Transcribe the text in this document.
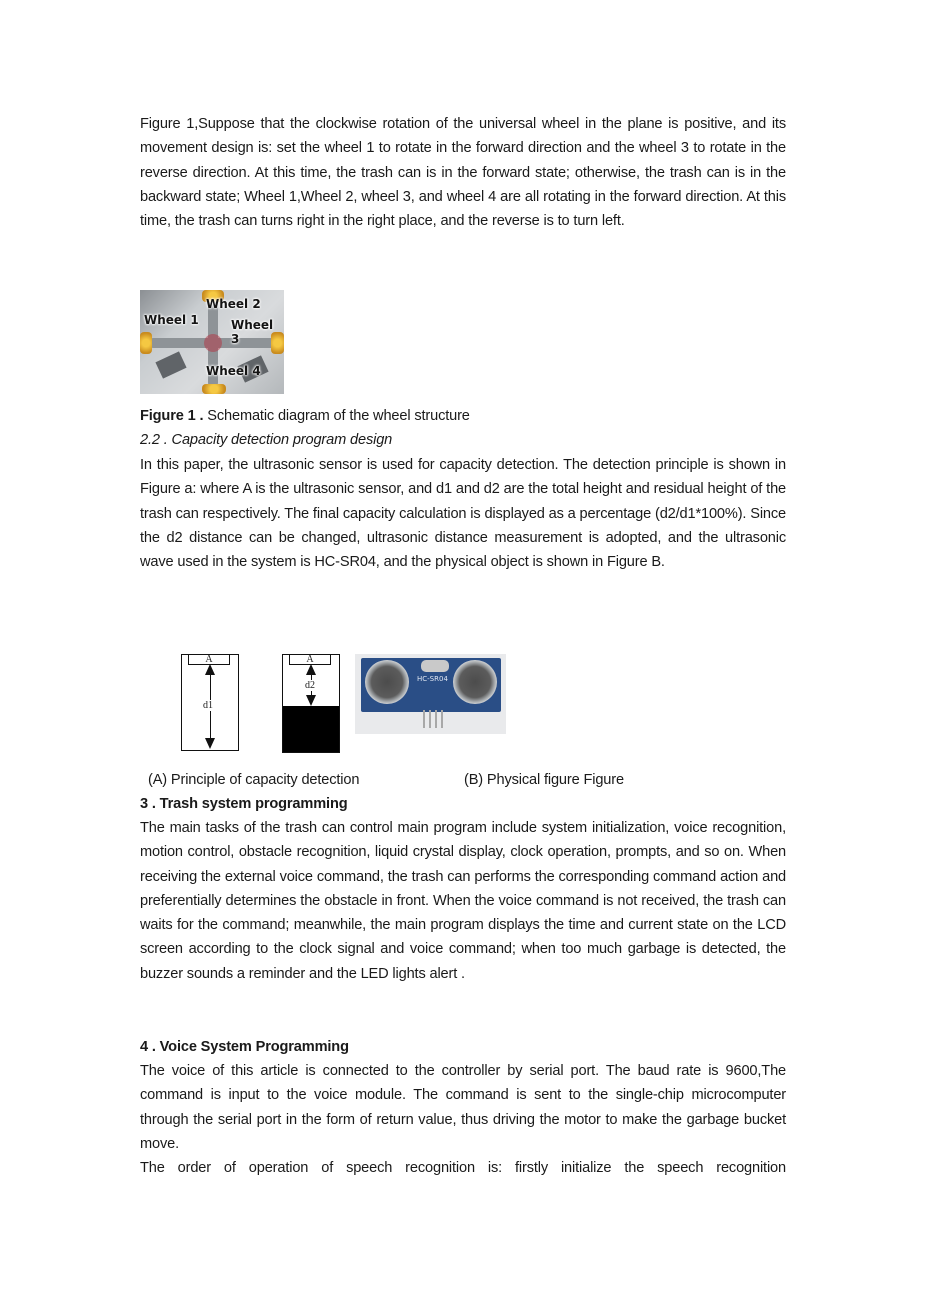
Figure 1,Suppose that the clockwise rotation of the universal wheel in the plane is positive, and its movement design is: set the wheel 1 to rotate in the forward direction and the wheel 3 to rotate in the reverse direction. At this time, the trash can is in the forward state; otherwise, the trash can is in the backward state; Wheel 1,Wheel 2, wheel 3, and wheel 4 are all rotating in the forward direction. At this time, the trash can turns right in the right place, and the reverse is to turn left.

Wheel 1
Wheel 2
Wheel 3
Wheel 4

Figure 1 . Schematic diagram of the wheel structure

2.2 . Capacity detection program design

In this paper, the ultrasonic sensor is used for capacity detection. The detection principle is shown in Figure a: where A is the ultrasonic sensor, and d1 and d2 are the total height and residual height of the trash can respectively. The final capacity calculation is displayed as a percentage (d2/d1*100%). Since the d2 distance can be changed, ultrasonic distance measurement is adopted, and the ultrasonic wave used in the system is HC-SR04, and the physical object is shown in Figure B.

A
d1
A
d2
HC-SR04

(A) Principle of capacity detection	(B) Physical figure Figure

3 . Trash system programming

The main tasks of the trash can control main program include system initialization, voice recognition, motion control, obstacle recognition, liquid crystal display, clock operation, prompts, and so on. When receiving the external voice command, the trash can performs the corresponding command action and preferentially determines the obstacle in front. When the voice command is not received, the trash can waits for the command; meanwhile, the main program displays the time and current state on the LCD screen according to the clock signal and voice command; when too much garbage is detected, the buzzer sounds a reminder and the LED lights alert .

4 . Voice System Programming

The voice of this article is connected to the controller by serial port. The baud rate is 9600,The command is input to the voice module. The command is sent to the single-chip microcomputer through the serial port in the form of return value, thus driving the motor to make the garbage bucket move.

The order of operation of speech recognition is: firstly initialize the speech recognition
